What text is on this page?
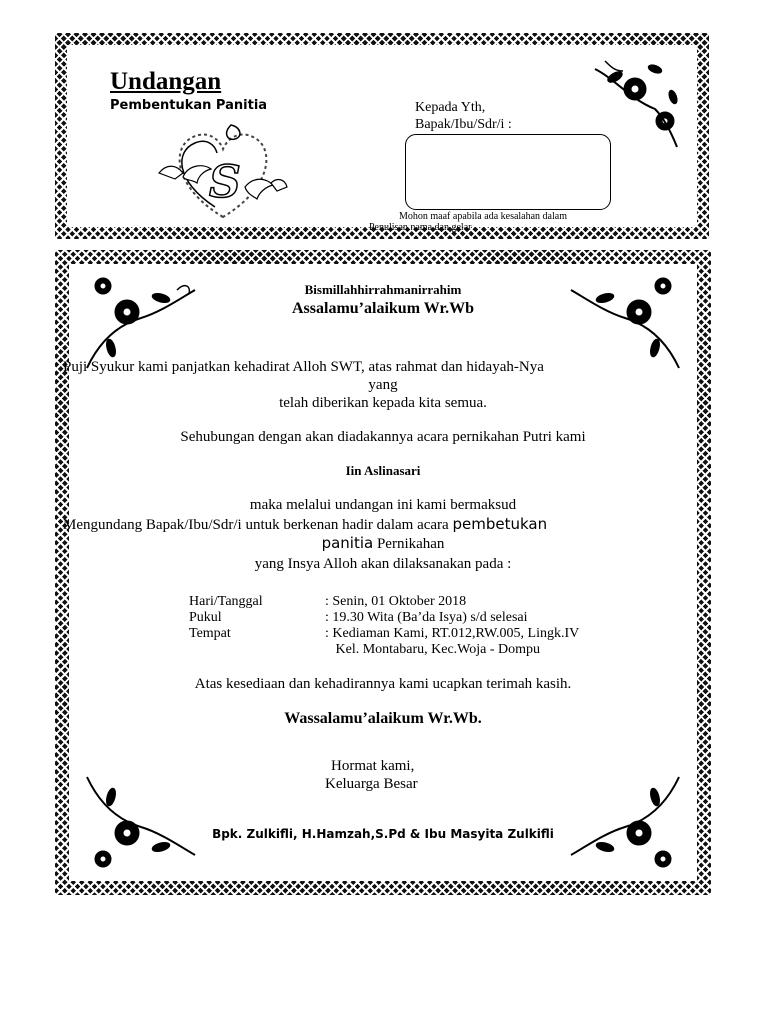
Undangan
Pembentukan Panitia
S
Kepada Yth,
Bapak/Ibu/Sdr/i :
Mohon maaf apabila ada kesalahan dalam
Penulisan nama dan gelar
Bismillahhirrahmanirrahim
Assalamu’alaikum Wr.Wb
Puji Syukur kami panjatkan kehadirat Alloh SWT, atas rahmat dan hidayah-Nya
yang
telah diberikan kepada kita semua.
Sehubungan dengan akan diadakannya acara pernikahan Putri kami
Iin Aslinasari
maka melalui undangan ini kami bermaksud
Mengundang Bapak/Ibu/Sdr/i untuk berkenan hadir dalam acara pembetukan
panitia Pernikahan
yang Insya Alloh akan dilaksanakan pada :
Hari/Tanggal	: Senin, 01 Oktober 2018
Pukul	: 19.30 Wita (Ba’da Isya) s/d selesai
Tempat	: Kediaman Kami, RT.012,RW.005, Lingk.IV
Kel. Montabaru, Kec.Woja - Dompu
Atas kesediaan dan kehadirannya kami ucapkan terimah kasih.
Wassalamu’alaikum Wr.Wb.
Hormat kami,
Keluarga Besar
Bpk. Zulkifli, H.Hamzah,S.Pd & Ibu Masyita Zulkifli
